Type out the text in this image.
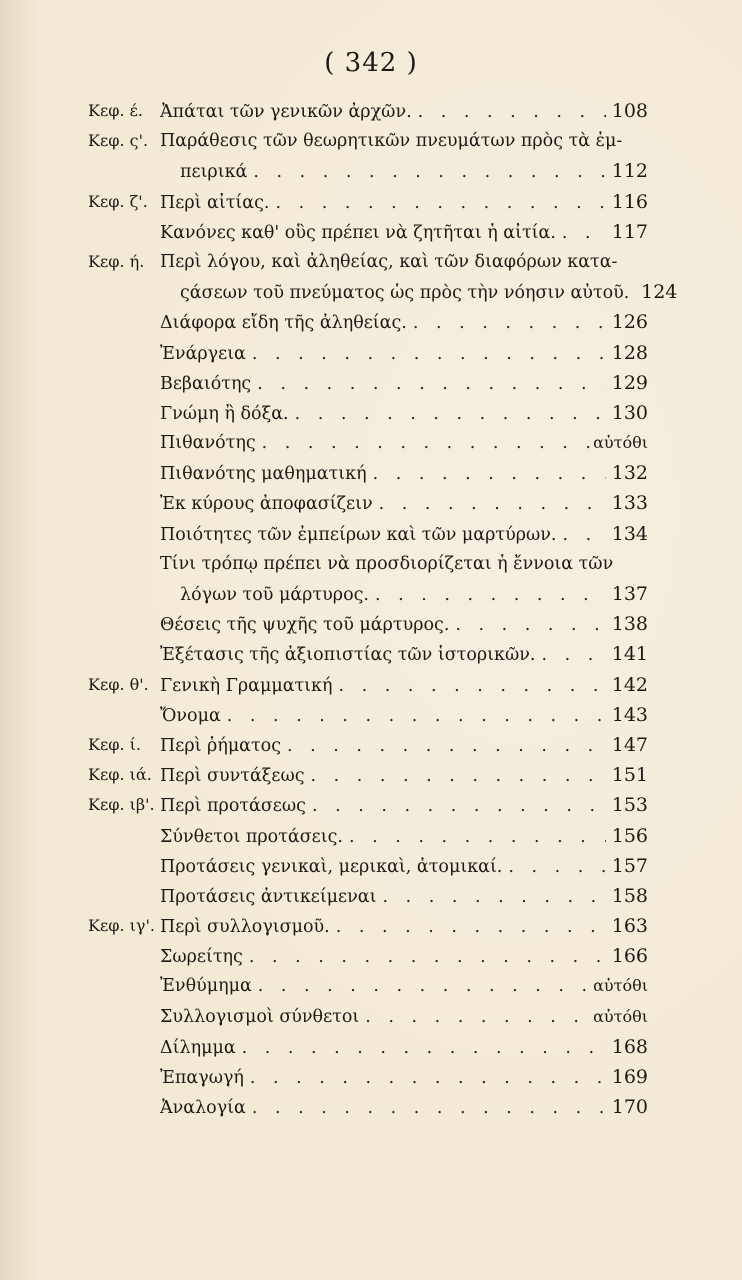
( 342 )
Κεφ. έ. Ἀπάται τῶν γενικῶν ἀρχῶν. . . .	108
Κεφ. ς'. Παράθεσις τῶν θεωρητικῶν πνευμάτων πρὸς τὰ ἐμ-
πειρικά . . .	112
Κεφ. ζ'. Περὶ αἰτίας. . . .	116
Κανόνες καθ' οὓς πρέπει νὰ ζητῆται ἡ αἰτία. . . .	117
Κεφ. ή. Περὶ λόγου, καὶ ἀληθείας, καὶ τῶν διαφόρων κατα-
ςάσεων τοῦ πνεύματος ὡς πρὸς τὴν νόησιν αὐτοῦ. . . . 124
Διάφορα εἴδη τῆς ἀληθείας. . . .	126
Ἐνάργεια . . .	128
Βεβαιότης . . .	129
Γνώμη ἢ δόξα. . . .	130
Πιθανότης . . .	αὐτόθι
Πιθανότης μαθηματική . . .	132
Ἐκ κύρους ἀποφασίζειν . . .	133
Ποιότητες τῶν ἐμπείρων καὶ τῶν μαρτύρων. . . .	134
Τίνι τρόπῳ πρέπει νὰ προσδιορίζεται ἡ ἔννοια τῶν
λόγων τοῦ μάρτυρος. . . .	137
Θέσεις τῆς ψυχῆς τοῦ μάρτυρος. . . .	138
Ἐξέτασις τῆς ἀξιοπιστίας τῶν ἱστορικῶν. . . .	141
Κεφ. θ'. Γενικὴ Γραμματική . . .	142
Ὄνομα . . .	143
Κεφ. ί.	Περὶ ῥήματος . . .	147
Κεφ. ιά. Περὶ συντάξεως . . .	151
Κεφ. ιβ'. Περὶ προτάσεως . . .	153
Σύνθετοι προτάσεις. . . .	156
Προτάσεις γενικαὶ, μερικαὶ, ἀτομικαί. . . .	157
Προτάσεις ἀντικείμεναι . . .	158
Κεφ. ιγ'. Περὶ συλλογισμοῦ. . . .	163
Σωρείτης . . .	166
Ἐνθύμημα . . .	αὐτόθι
Συλλογισμοὶ σύνθετοι . . .	αὐτόθι
Δίλημμα . . .	168
Ἐπαγωγή . . .	169
Ἀναλογία . . .	170
